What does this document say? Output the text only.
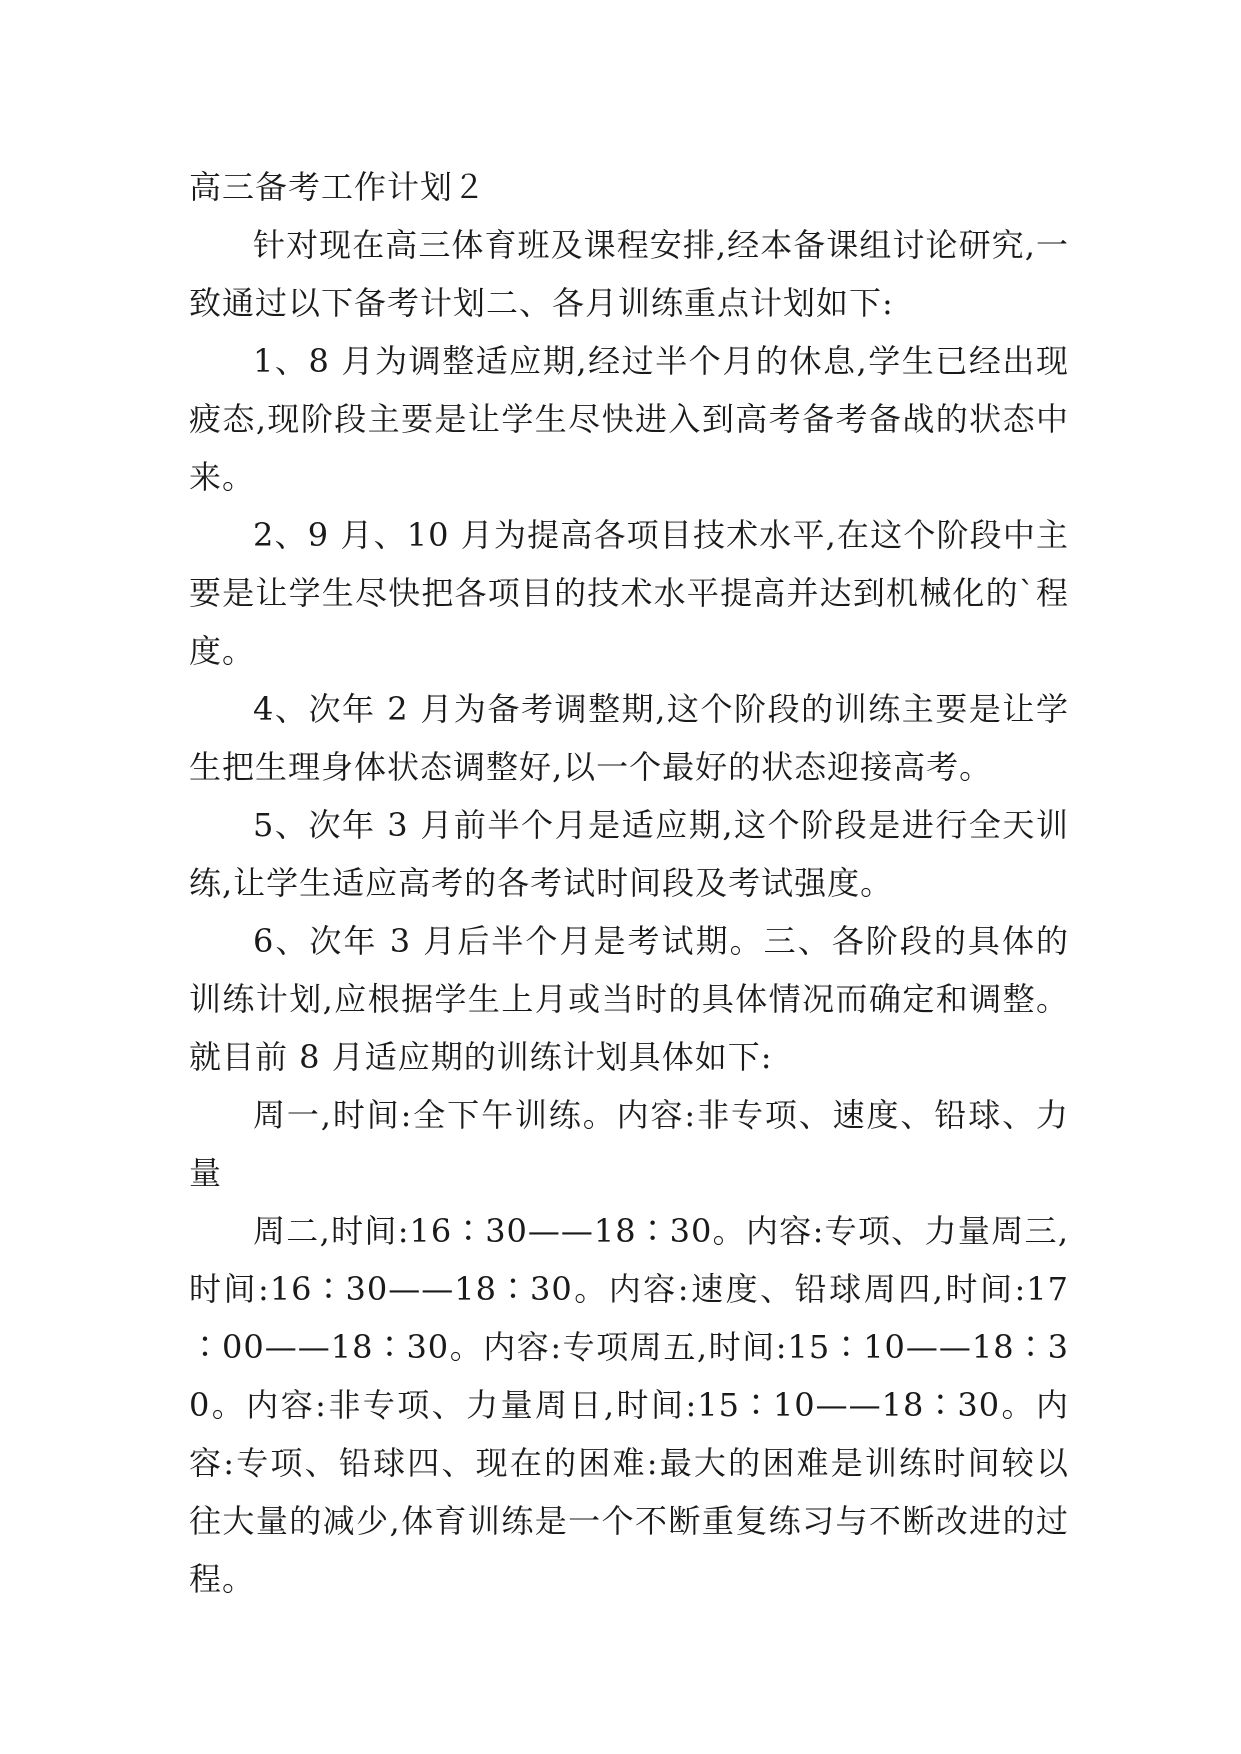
高三备考工作计划２

针对现在高三体育班及课程安排,经本备课组讨论研究,一致通过以下备考计划二、各月训练重点计划如下:

1、8 月为调整适应期,经过半个月的休息,学生已经出现疲态,现阶段主要是让学生尽快进入到高考备考备战的状态中来。

2、9 月、10 月为提高各项目技术水平,在这个阶段中主要是让学生尽快把各项目的技术水平提高并达到机械化的`程度。

4、次年 2 月为备考调整期,这个阶段的训练主要是让学生把生理身体状态调整好,以一个最好的状态迎接高考。

5、次年 3 月前半个月是适应期,这个阶段是进行全天训练,让学生适应高考的各考试时间段及考试强度。

6、次年 3 月后半个月是考试期。三、各阶段的具体的训练计划,应根据学生上月或当时的具体情况而确定和调整。就目前 8 月适应期的训练计划具体如下:

周一,时间:全下午训练。内容:非专项、速度、铅球、力量

周二,时间:16∶30——18∶30。内容:专项、力量周三,时间:16∶30——18∶30。内容:速度、铅球周四,时间:17∶00——18∶30。内容:专项周五,时间:15∶10——18∶30。内容:非专项、力量周日,时间:15∶10——18∶30。内容:专项、铅球四、现在的困难:最大的困难是训练时间较以往大量的减少,体育训练是一个不断重复练习与不断改进的过程。
